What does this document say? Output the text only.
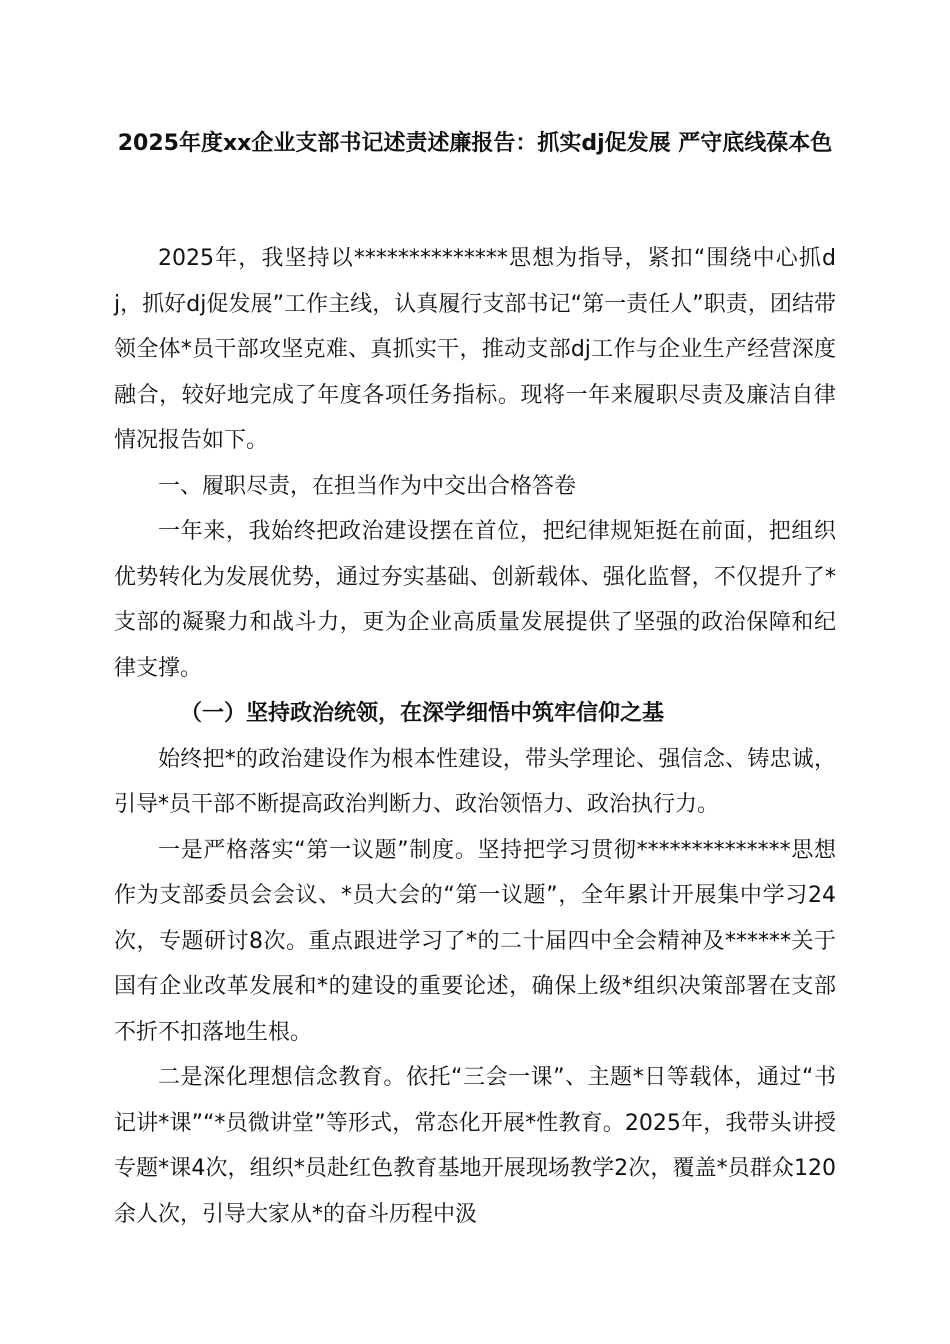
2025年度xx企业支部书记述责述廉报告：抓实dj促发展 严守底线葆本色

2025年，我坚持以**************思想为指导，紧扣“围绕中心抓dj，抓好dj促发展”工作主线，认真履行支部书记“第一责任人”职责，团结带领全体*员干部攻坚克难、真抓实干，推动支部dj工作与企业生产经营深度融合，较好地完成了年度各项任务指标。现将一年来履职尽责及廉洁自律情况报告如下。

一、履职尽责，在担当作为中交出合格答卷

一年来，我始终把政治建设摆在首位，把纪律规矩挺在前面，把组织优势转化为发展优势，通过夯实基础、创新载体、强化监督，不仅提升了*支部的凝聚力和战斗力，更为企业高质量发展提供了坚强的政治保障和纪律支撑。

（一）坚持政治统领，在深学细悟中筑牢信仰之基

始终把*的政治建设作为根本性建设，带头学理论、强信念、铸忠诚，引导*员干部不断提高政治判断力、政治领悟力、政治执行力。

一是严格落实“第一议题”制度。坚持把学习贯彻**************思想作为支部委员会会议、*员大会的“第一议题”，全年累计开展集中学习24次，专题研讨8次。重点跟进学习了*的二十届四中全会精神及******关于国有企业改革发展和*的建设的重要论述，确保上级*组织决策部署在支部不折不扣落地生根。

二是深化理想信念教育。依托“三会一课”、主题*日等载体，通过“书记讲*课”“*员微讲堂”等形式，常态化开展*性教育。2025年，我带头讲授专题*课4次，组织*员赴红色教育基地开展现场教学2次，覆盖*员群众120余人次，引导大家从*的奋斗历程中汲
